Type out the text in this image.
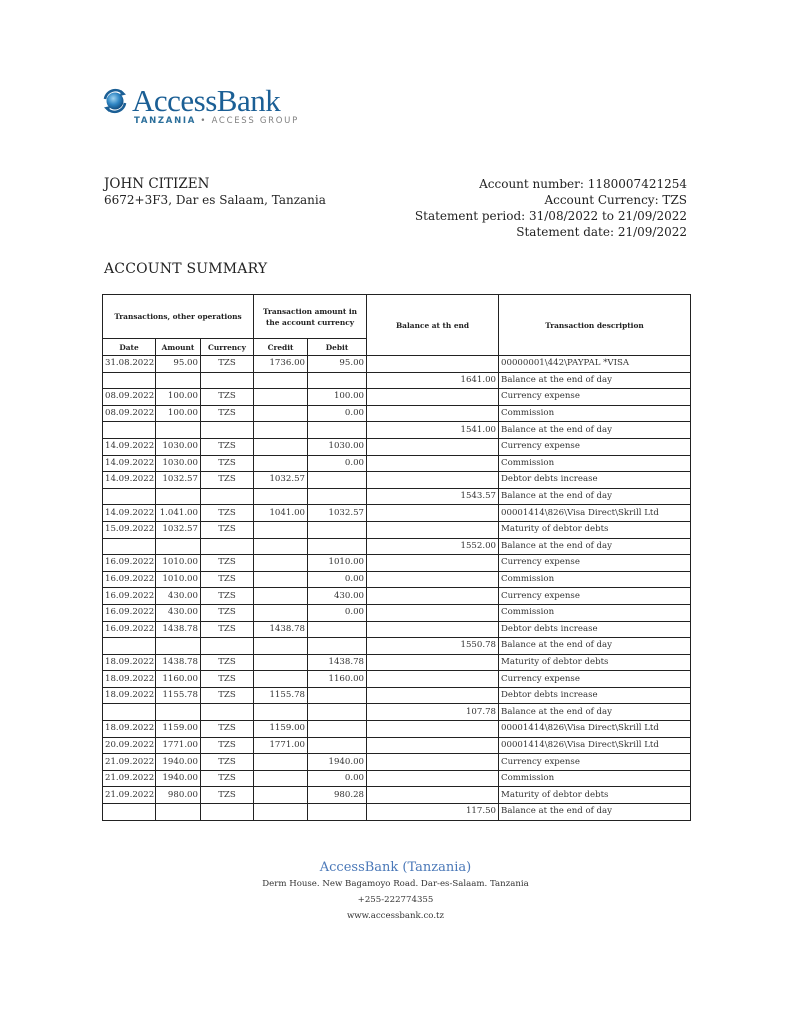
AccessBank
TANZANIA • ACCESS GROUP
JOHN CITIZEN
6672+3F3, Dar es Salaam, Tanzania
Account number: 1180007421254
Account Currency: TZS
Statement period: 31/08/2022 to 21/09/2022
Statement date: 21/09/2022
ACCOUNT SUMMARY
Transactions, other operations			Transaction amount in the account currency		Balance at th end	Transaction description
Date	Amount	Currency	Credit	Debit		
31.08.2022	95.00	TZS	1736.00	95.00		00000001\442\PAYPAL *VISA
					1641.00	Balance at the end of day
08.09.2022	100.00	TZS		100.00		Currency expense
08.09.2022	100.00	TZS		0.00		Commission
					1541.00	Balance at the end of day
14.09.2022	1030.00	TZS		1030.00		Currency expense
14.09.2022	1030.00	TZS		0.00		Commission
14.09.2022	1032.57	TZS	1032.57			Debtor debts increase
					1543.57	Balance at the end of day
14.09.2022	1.041.00	TZS	1041.00	1032.57		00001414\826\Visa Direct\Skrill Ltd
15.09.2022	1032.57	TZS				Maturity of debtor debts
					1552.00	Balance at the end of day
16.09.2022	1010.00	TZS		1010.00		Currency expense
16.09.2022	1010.00	TZS		0.00		Commission
16.09.2022	430.00	TZS		430.00		Currency expense
16.09.2022	430.00	TZS		0.00		Commission
16.09.2022	1438.78	TZS	1438.78			Debtor debts increase
					1550.78	Balance at the end of day
18.09.2022	1438.78	TZS		1438.78		Maturity of debtor debts
18.09.2022	1160.00	TZS		1160.00		Currency expense
18.09.2022	1155.78	TZS	1155.78			Debtor debts increase
					107.78	Balance at the end of day
18.09.2022	1159.00	TZS	1159.00			00001414\826\Visa Direct\Skrill Ltd
20.09.2022	1771.00	TZS	1771.00			00001414\826\Visa Direct\Skrill Ltd
21.09.2022	1940.00	TZS		1940.00		Currency expense
21.09.2022	1940.00	TZS		0.00		Commission
21.09.2022	980.00	TZS		980.28		Maturity of debtor debts
					117.50	Balance at the end of day
AccessBank (Tanzania)
Derm House. New Bagamoyo Road. Dar-es-Salaam. Tanzania
+255-222774355
www.accessbank.co.tz
